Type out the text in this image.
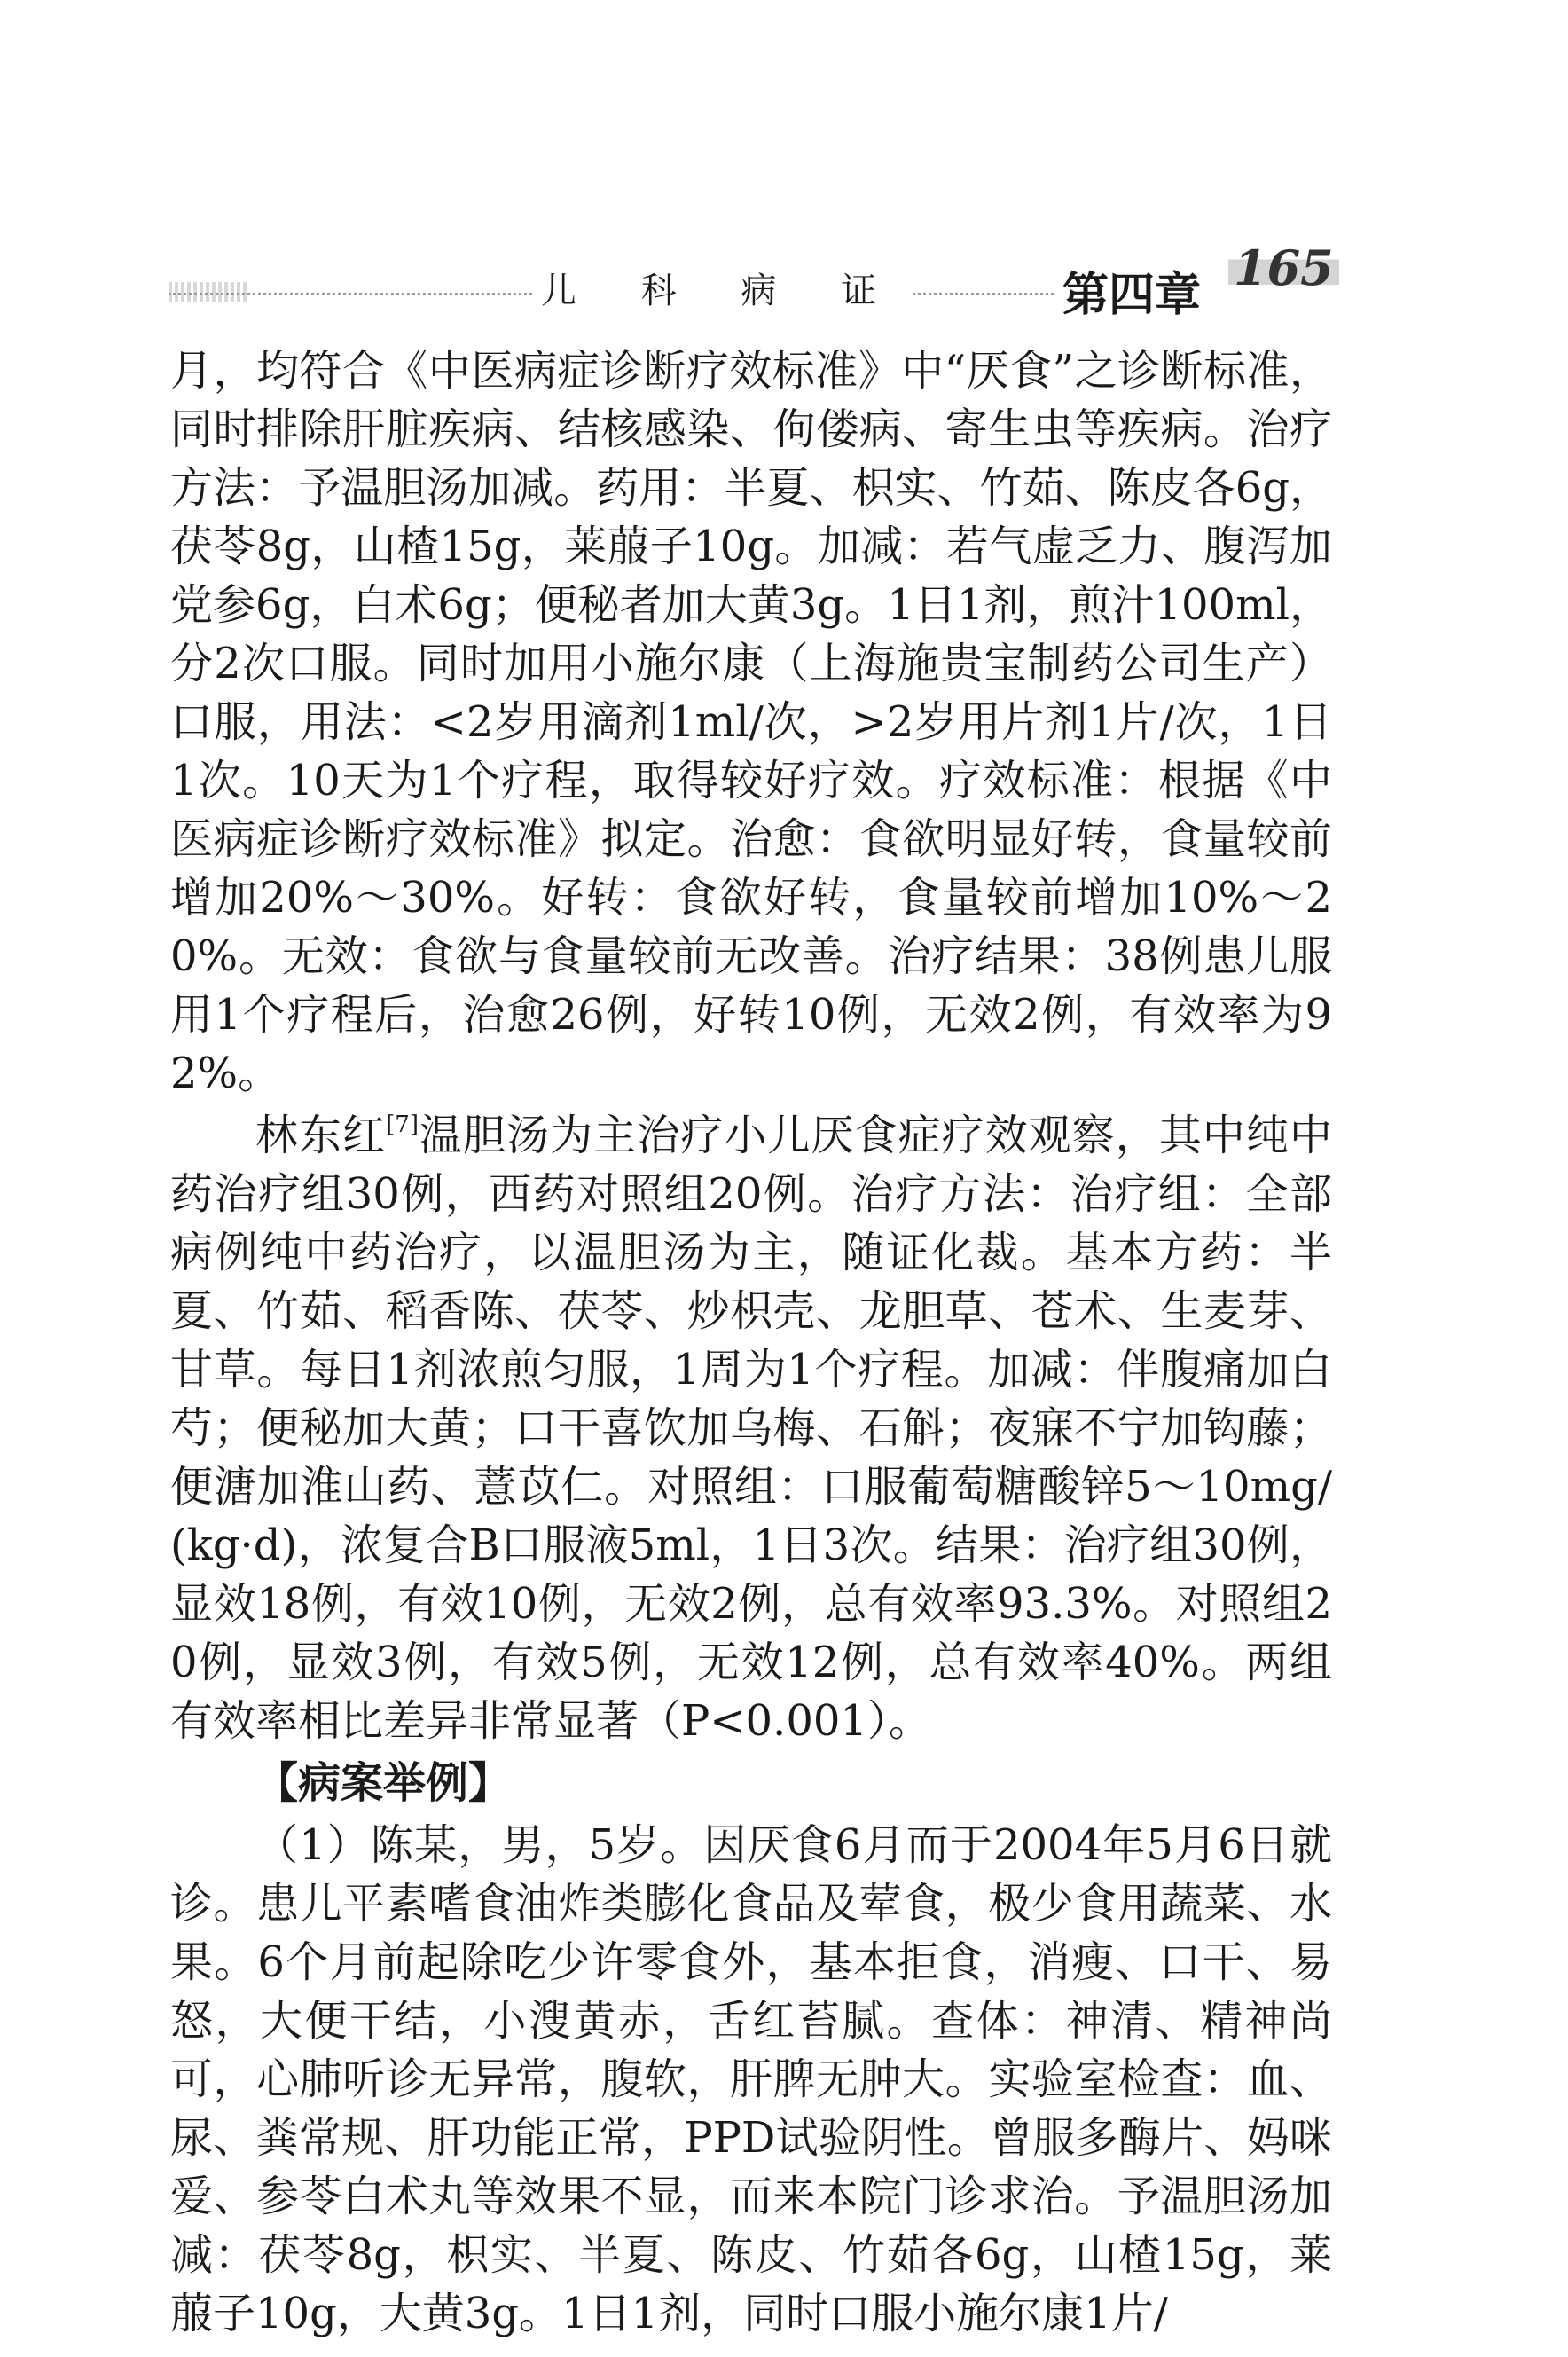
儿 科 病 证	第四章 165

月，均符合《中医病症诊断疗效标准》中“厌食”之诊断标准，同时排除肝脏疾病、结核感染、佝偻病、寄生虫等疾病。治疗方法：予温胆汤加减。药用：半夏、枳实、竹茹、陈皮各6g，茯苓8g，山楂15g，莱菔子10g。加减：若气虚乏力、腹泻加党参6g，白术6g；便秘者加大黄3g。1日1剂，煎汁100ml，分2次口服。同时加用小施尔康（上海施贵宝制药公司生产）口服，用法：<2岁用滴剂1ml/次，>2岁用片剂1片/次，1日1次。10天为1个疗程，取得较好疗效。疗效标准：根据《中医病症诊断疗效标准》拟定。治愈：食欲明显好转，食量较前增加20%～30%。好转：食欲好转，食量较前增加10%～20%。无效：食欲与食量较前无改善。治疗结果：38例患儿服用1个疗程后，治愈26例，好转10例，无效2例，有效率为92%。

林东红[7]温胆汤为主治疗小儿厌食症疗效观察，其中纯中药治疗组30例，西药对照组20例。治疗方法：治疗组：全部病例纯中药治疗，以温胆汤为主，随证化裁。基本方药：半夏、竹茹、稻香陈、茯苓、炒枳壳、龙胆草、苍术、生麦芽、甘草。每日1剂浓煎匀服，1周为1个疗程。加减：伴腹痛加白芍；便秘加大黄；口干喜饮加乌梅、石斛；夜寐不宁加钩藤；便溏加淮山药、薏苡仁。对照组：口服葡萄糖酸锌5～10mg/(kg·d)，浓复合B口服液5ml，1日3次。结果：治疗组30例，显效18例，有效10例，无效2例，总有效率93.3%。对照组20例，显效3例，有效5例，无效12例，总有效率40%。两组有效率相比差异非常显著（P<0.001）。

【病案举例】

（1）陈某，男，5岁。因厌食6月而于2004年5月6日就诊。患儿平素嗜食油炸类膨化食品及荤食，极少食用蔬菜、水果。6个月前起除吃少许零食外，基本拒食，消瘦、口干、易怒，大便干结，小溲黄赤，舌红苔腻。查体：神清、精神尚可，心肺听诊无异常，腹软，肝脾无肿大。实验室检查：血、尿、粪常规、肝功能正常，PPD试验阴性。曾服多酶片、妈咪爱、参苓白术丸等效果不显，而来本院门诊求治。予温胆汤加减：茯苓8g，枳实、半夏、陈皮、竹茹各6g，山楂15g，莱菔子10g，大黄3g。1日1剂，同时口服小施尔康1片/
